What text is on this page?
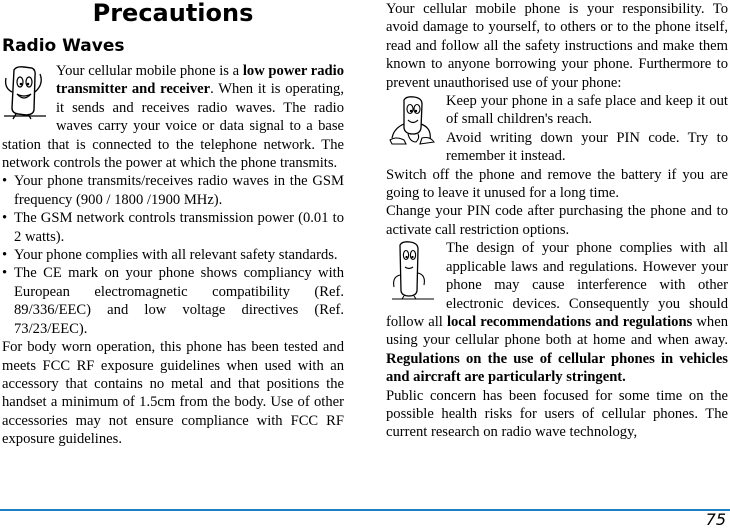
Precautions
Radio Waves

Your cellular mobile phone is a low power radio transmitter and receiver. When it is operating, it sends and receives radio waves. The radio waves carry your voice or data signal to a base station that is connected to the telephone network. The network controls the power at which the phone transmits.

• Your phone transmits/receives radio waves in the GSM frequency (900 / 1800 /1900 MHz).
• The GSM network controls transmission power (0.01 to 2 watts).
• Your phone complies with all relevant safety standards.
• The CE mark on your phone shows compliancy with European electromagnetic compatibility (Ref. 89/336/EEC) and low voltage directives (Ref. 73/23/EEC).

For body worn operation, this phone has been tested and meets FCC RF exposure guidelines when used with an accessory that contains no metal and that positions the handset a minimum of 1.5cm from the body. Use of other accessories may not ensure compliance with FCC RF exposure guidelines.

Your cellular mobile phone is your responsibility. To avoid damage to yourself, to others or to the phone itself, read and follow all the safety instructions and make them known to anyone borrowing your phone. Furthermore to prevent unauthorised use of your phone:

Keep your phone in a safe place and keep it out of small children's reach.

Avoid writing down your PIN code. Try to remember it instead.

Switch off the phone and remove the battery if you are going to leave it unused for a long time.

Change your PIN code after purchasing the phone and to activate call restriction options.

The design of your phone complies with all applicable laws and regulations. However your phone may cause interference with other electronic devices. Consequently you should follow all local recommendations and regulations when using your cellular phone both at home and when away. Regulations on the use of cellular phones in vehicles and aircraft are particularly stringent.

Public concern has been focused for some time on the possible health risks for users of cellular phones. The current research on radio wave technology,

75
